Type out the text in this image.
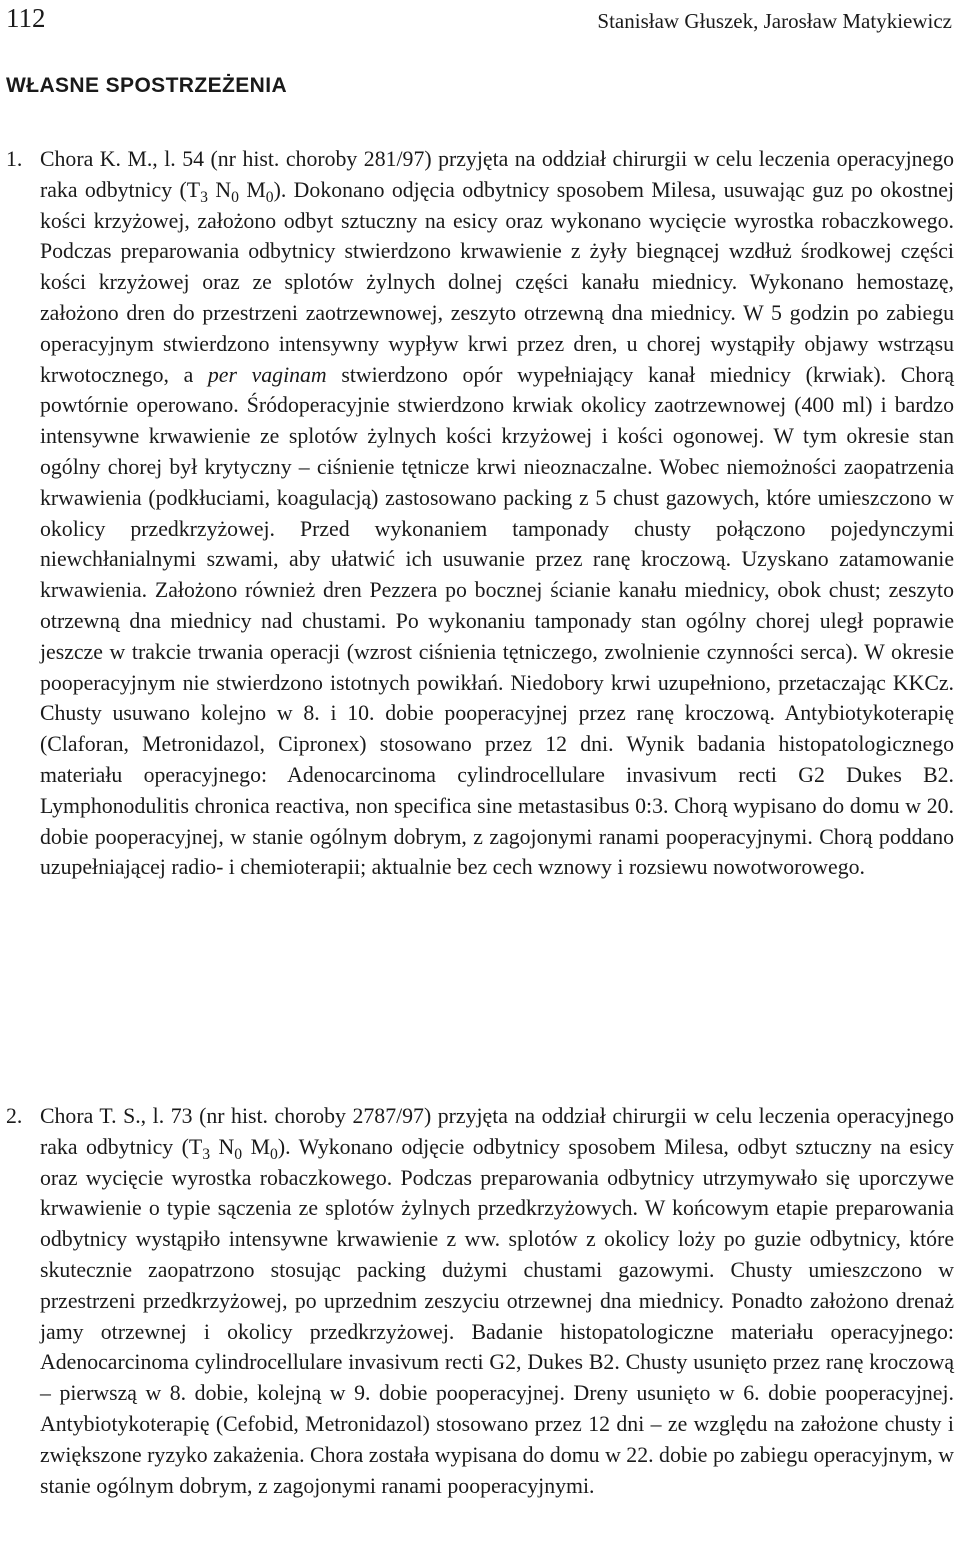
112	Stanisław Głuszek, Jarosław Matykiewicz
WŁASNE SPOSTRZEŻENIA
1. Chora K. M., l. 54 (nr hist. choroby 281/97) przyjęta na oddział chirurgii w celu leczenia operacyjnego raka odbytnicy ($T_3$ $N_0$ $M_0$). Dokonano odjęcia odbytnicy sposobem Milesa, usuwając guz po okostnej kości krzyżowej, założono odbyt sztuczny na esicy oraz wykonano wycięcie wyrostka robaczkowego. Podczas preparowania odbytnicy stwierdzono krwawienie z żyły biegnącej wzdłuż środkowej części kości krzyżowej oraz ze splotów żylnych dolnej części kanału miednicy. Wykonano hemostazę, założono dren do przestrzeni zaotrzewnowej, zeszyto otrzewną dna miednicy. W 5 godzin po zabiegu operacyjnym stwierdzono intensywny wypływ krwi przez dren, u chorej wystąpiły objawy wstrząsu krwotocznego, a per vaginam stwierdzono opór wypełniający kanał miednicy (krwiak). Chorą powtórnie operowano. Śródoperacyjnie stwierdzono krwiak okolicy zaotrzewnowej (400 ml) i bardzo intensywne krwawienie ze splotów żylnych kości krzyżowej i kości ogonowej. W tym okresie stan ogólny chorej był krytyczny – ciśnienie tętnicze krwi nieoznaczalne. Wobec niemożności zaopatrzenia krwawienia (podkłuciami, koagulacją) zastosowano packing z 5 chust gazowych, które umieszczono w okolicy przedkrzyżowej. Przed wykonaniem tamponady chusty połączono pojedynczymi niewchłanialnymi szwami, aby ułatwić ich usuwanie przez ranę kroczową. Uzyskano zatamowanie krwawienia. Założono również dren Pezzera po bocznej ścianie kanału miednicy, obok chust; zeszyto otrzewną dna miednicy nad chustami. Po wykonaniu tamponady stan ogólny chorej uległ poprawie jeszcze w trakcie trwania operacji (wzrost ciśnienia tętniczego, zwolnienie czynności serca). W okresie pooperacyjnym nie stwierdzono istotnych powikłań. Niedobory krwi uzupełniono, przetaczając KKCz. Chusty usuwano kolejno w 8. i 10. dobie pooperacyjnej przez ranę kroczową. Antybiotykoterapię (Claforan, Metronidazol, Cipronex) stosowano przez 12 dni. Wynik badania histopatologicznego materiału operacyjnego: Adenocarcinoma cylindrocellulare invasivum recti G2 Dukes B2. Lymphonodulitis chronica reactiva, non specifica sine metastasibus 0:3. Chorą wypisano do domu w 20. dobie pooperacyjnej, w stanie ogólnym dobrym, z zagojonymi ranami pooperacyjnymi. Chorą poddano uzupełniającej radio- i chemioterapii; aktualnie bez cech wznowy i rozsiewu nowotworowego.
2. Chora T. S., l. 73 (nr hist. choroby 2787/97) przyjęta na oddział chirurgii w celu leczenia operacyjnego raka odbytnicy ($T_3$ $N_0$ $M_0$). Wykonano odjęcie odbytnicy sposobem Milesa, odbyt sztuczny na esicy oraz wycięcie wyrostka robaczkowego. Podczas preparowania odbytnicy utrzymywało się uporczywe krwawienie o typie sączenia ze splotów żylnych przedkrzyżowych. W końcowym etapie preparowania odbytnicy wystąpiło intensywne krwawienie z ww. splotów z okolicy loży po guzie odbytnicy, które skutecznie zaopatrzono stosując packing dużymi chustami gazowymi. Chusty umieszczono w przestrzeni przedkrzyżowej, po uprzednim zeszyciu otrzewnej dna miednicy. Ponadto założono drenaż jamy otrzewnej i okolicy przedkrzyżowej. Badanie histopatologiczne materiału operacyjnego: Adenocarcinoma cylindrocellulare invasivum recti G2, Dukes B2. Chusty usunięto przez ranę kroczową – pierwszą w 8. dobie, kolejną w 9. dobie pooperacyjnej. Dreny usunięto w 6. dobie pooperacyjnej. Antybiotykoterapię (Cefobid, Metronidazol) stosowano przez 12 dni – ze względu na założone chusty i zwiększone ryzyko zakażenia. Chora została wypisana do domu w 22. dobie po zabiegu operacyjnym, w stanie ogólnym dobrym, z zagojonymi ranami pooperacyjnymi.
